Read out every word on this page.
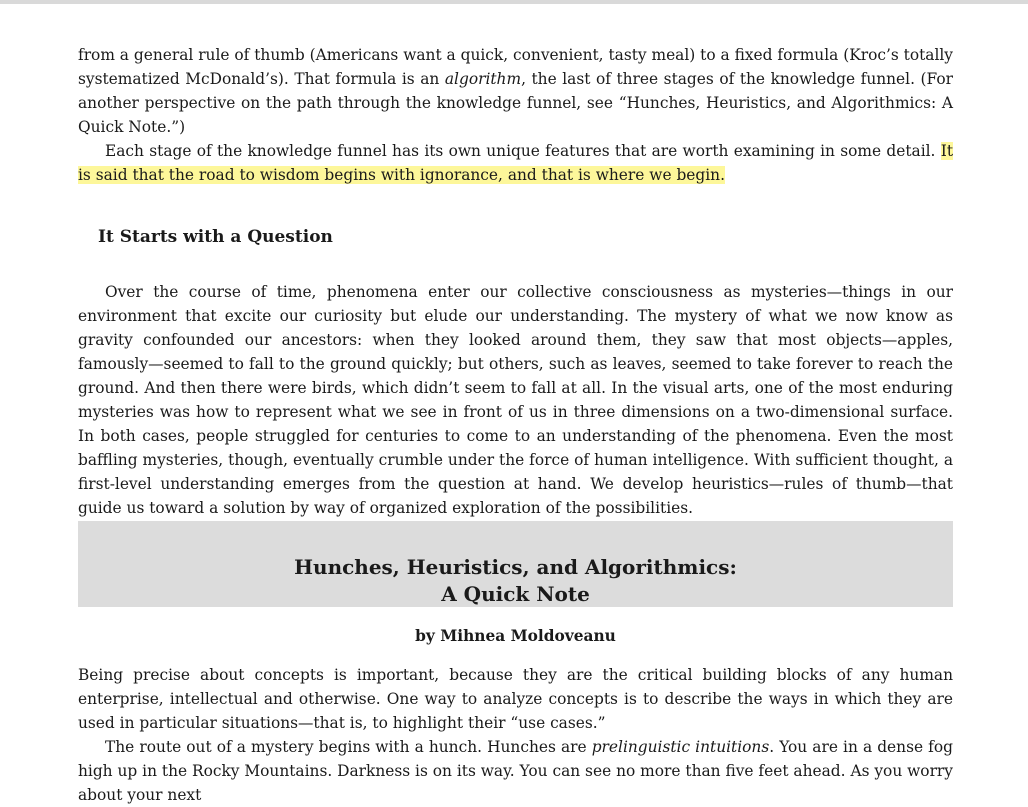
from a general rule of thumb (Americans want a quick, convenient, tasty meal) to a fixed formula (Kroc’s totally systematized McDonald’s). That formula is an algorithm, the last of three stages of the knowledge funnel. (For another perspective on the path through the knowledge funnel, see “Hunches, Heuristics, and Algorithmics: A Quick Note.”)

Each stage of the knowledge funnel has its own unique features that are worth examining in some detail. It is said that the road to wisdom begins with ignorance, and that is where we begin.

It Starts with a Question

Over the course of time, phenomena enter our collective consciousness as mysteries—things in our environment that excite our curiosity but elude our understanding. The mystery of what we now know as gravity confounded our ancestors: when they looked around them, they saw that most objects—apples, famously—seemed to fall to the ground quickly; but others, such as leaves, seemed to take forever to reach the ground. And then there were birds, which didn’t seem to fall at all. In the visual arts, one of the most enduring mysteries was how to represent what we see in front of us in three dimensions on a two-dimensional surface. In both cases, people struggled for centuries to come to an understanding of the phenomena. Even the most baffling mysteries, though, eventually crumble under the force of human intelligence. With sufficient thought, a first-level understanding emerges from the question at hand. We develop heuristics—rules of thumb—that guide us toward a solution by way of organized exploration of the possibilities.

Hunches, Heuristics, and Algorithmics:
A Quick Note
by Mihnea Moldoveanu

Being precise about concepts is important, because they are the critical building blocks of any human enterprise, intellectual and otherwise. One way to analyze concepts is to describe the ways in which they are used in particular situations—that is, to highlight their “use cases.”

The route out of a mystery begins with a hunch. Hunches are prelinguistic intuitions. You are in a dense fog high up in the Rocky Mountains. Darkness is on its way. You can see no more than five feet ahead. As you worry about your next
